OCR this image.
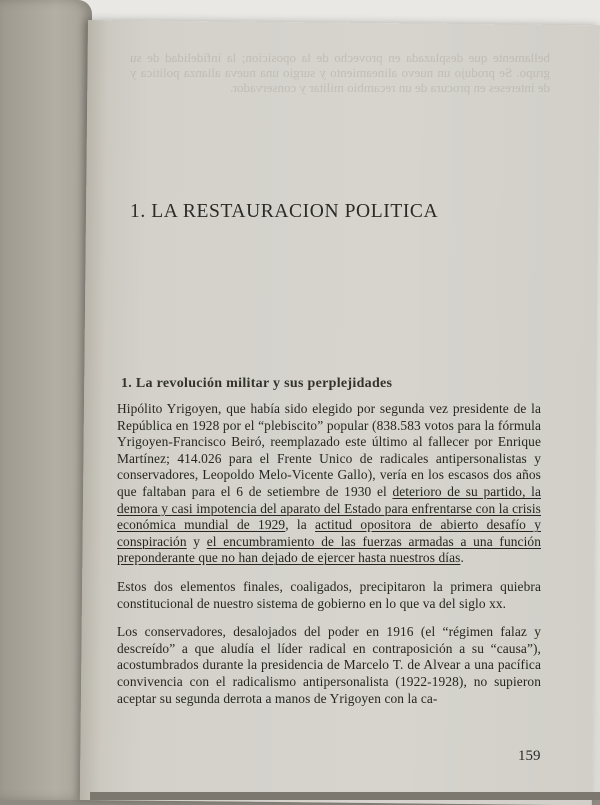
bellamente que desplazada en provecho de la oposicion; la infidelidad de su grupo. Se produjo un nuevo alineamiento y surgio una nueva alianza politica y de intereses en procura de un recambio militar y conservador.
1. LA RESTAURACION POLITICA
1. La revolución militar y sus perplejidades

Hipólito Yrigoyen, que había sido elegido por segunda vez presidente de la República en 1928 por el “plebiscito” popular (838.583 votos para la fórmula Yrigoyen-Francisco Beiró, reemplazado este último al fallecer por Enrique Martínez; 414.026 para el Frente Unico de radicales antipersonalistas y conservadores, Leopoldo Melo-Vicente Gallo), vería en los escasos dos años que faltaban para el 6 de setiembre de 1930 el deterioro de su partido, la demora y casi impotencia del aparato del Estado para enfrentarse con la crisis económica mundial de 1929, la actitud opositora de abierto desafío y conspiración y el encumbramiento de las fuerzas armadas a una función preponderante que no han dejado de ejercer hasta nuestros días.

Estos dos elementos finales, coaligados, precipitaron la primera quiebra constitucional de nuestro sistema de gobierno en lo que va del siglo xx.

Los conservadores, desalojados del poder en 1916 (el “régimen falaz y descreído” a que aludía el líder radical en contraposición a su “causa”), acostumbrados durante la presidencia de Marcelo T. de Alvear a una pacífica convivencia con el radicalismo antipersonalista (1922-1928), no supieron aceptar su segunda derrota a manos de Yrigoyen con la ca-

159
